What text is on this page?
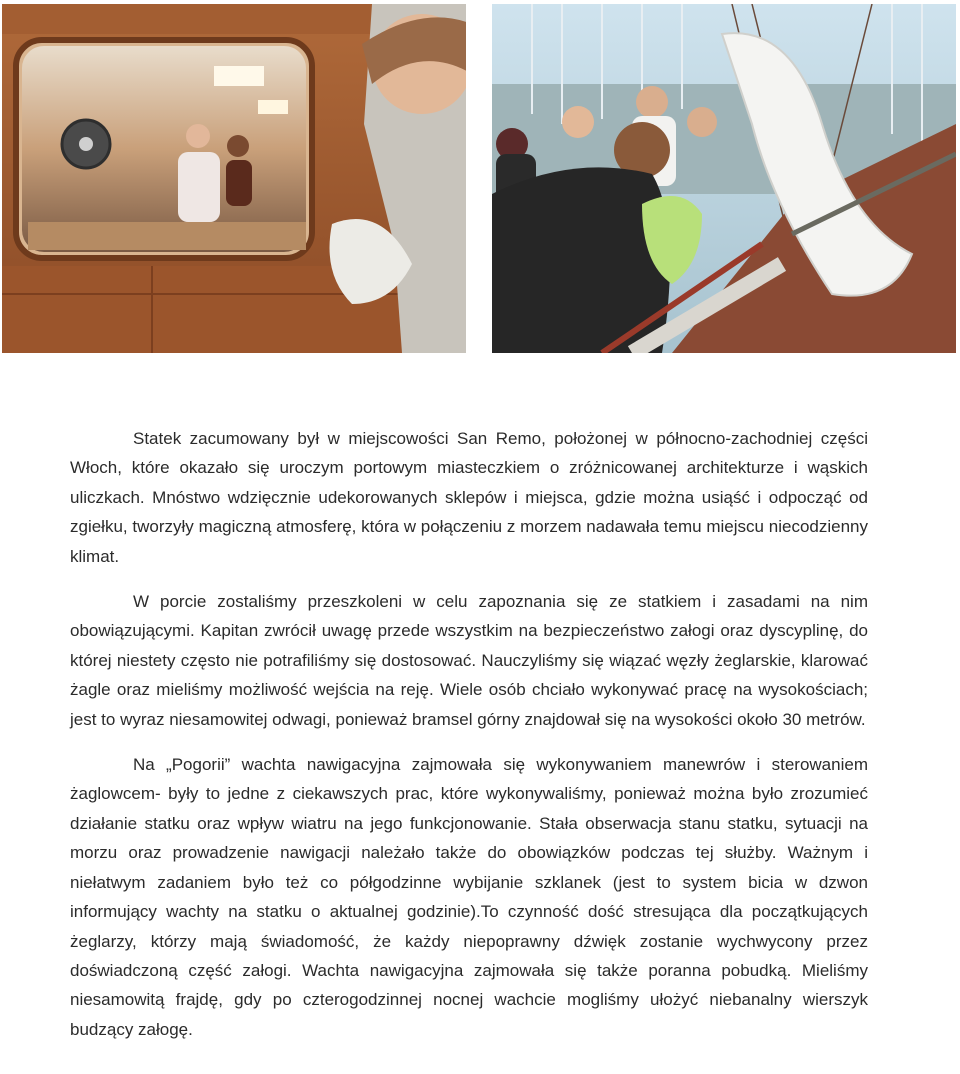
Statek zacumowany był w miejscowości San Remo, położonej w północno-zachodniej części Włoch, które okazało się uroczym portowym miasteczkiem o zróżnicowanej architekturze i wąskich uliczkach. Mnóstwo wdzięcznie udekorowanych sklepów i miejsca, gdzie można usiąść i odpocząć od zgiełku, tworzyły magiczną atmosferę, która w połączeniu z morzem nadawała temu miejscu niecodzienny klimat.

W porcie zostaliśmy przeszkoleni w celu zapoznania się ze statkiem i zasadami na nim obowiązującymi. Kapitan zwrócił uwagę przede wszystkim na bezpieczeństwo załogi oraz dyscyplinę, do której niestety często nie potrafiliśmy się dostosować. Nauczyliśmy się wiązać węzły żeglarskie, klarować żagle oraz mieliśmy możliwość wejścia na reję. Wiele osób chciało wykonywać pracę na wysokościach; jest to wyraz niesamowitej odwagi, ponieważ bramsel górny znajdował się na wysokości około 30 metrów.

Na „Pogorii” wachta nawigacyjna zajmowała się wykonywaniem manewrów i sterowaniem żaglowcem- były to jedne z ciekawszych prac, które wykonywaliśmy, ponieważ można było zrozumieć działanie statku oraz wpływ wiatru na jego funkcjonowanie. Stała obserwacja stanu statku, sytuacji na morzu oraz prowadzenie nawigacji należało także do obowiązków podczas tej służby. Ważnym i niełatwym zadaniem było też co półgodzinne wybijanie szklanek (jest to system bicia w dzwon informujący wachty na statku o aktualnej godzinie).To czynność dość stresująca dla początkujących żeglarzy, którzy mają świadomość, że każdy niepoprawny dźwięk zostanie wychwycony przez doświadczoną część załogi. Wachta nawigacyjna zajmowała się także poranna pobudką. Mieliśmy niesamowitą frajdę, gdy po czterogodzinnej nocnej wachcie mogliśmy ułożyć niebanalny wierszyk budzący załogę.
